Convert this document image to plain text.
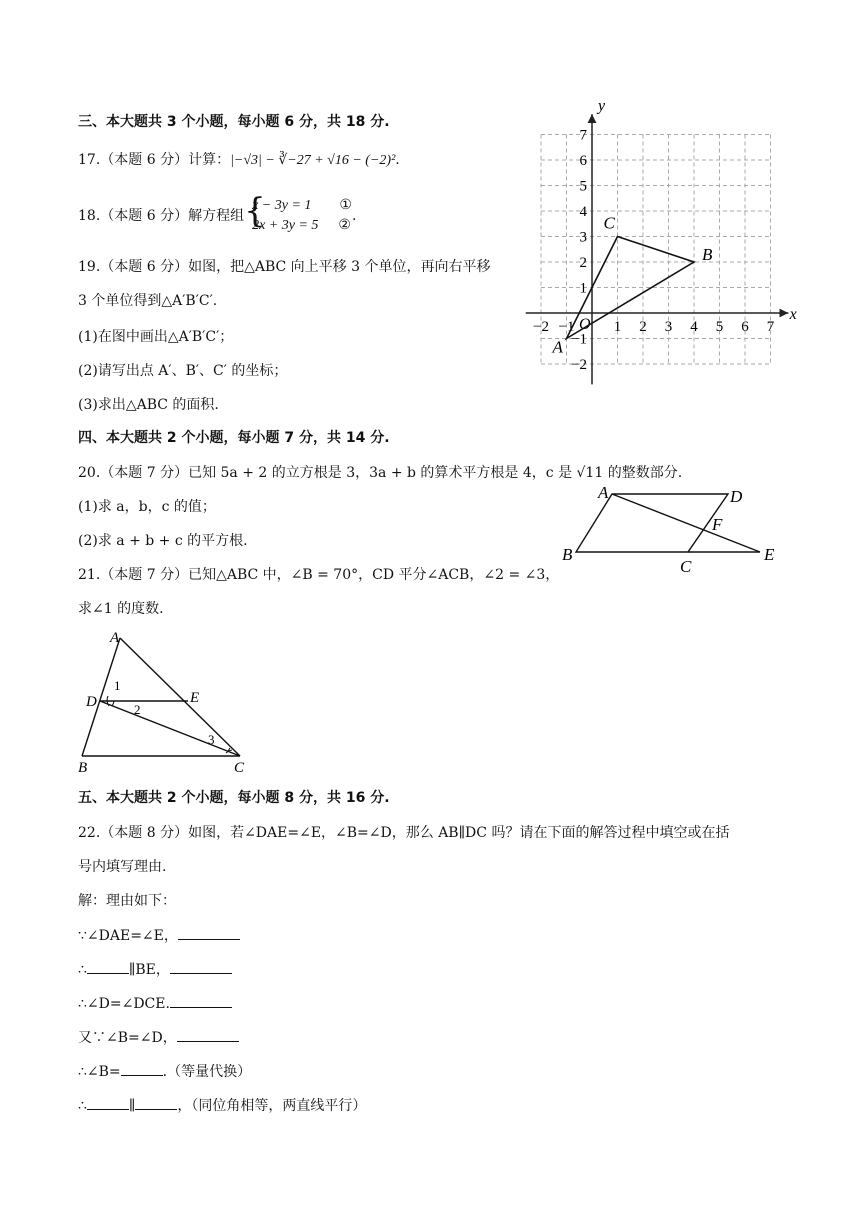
三、本大题共 3 个小题，每小题 6 分，共 18 分.
17.（本题 6 分）计算：|−√3| − ∛−27 + √16 − (−2)².
18.（本题 6 分）解方程组 {
x − 3y = 1 ①
2x + 3y = 5 ②
.
19.（本题 6 分）如图，把△ABC 向上平移 3 个单位，再向右平移
3 个单位得到△A′B′C′.
(1)在图中画出△A′B′C′；
(2)请写出点 A′、B′、C′ 的坐标；
(3)求出△ABC 的面积.
x
y
O
−2 −1	1 2 3 4 5 6 7
7
6
5
4
3
2
1
−1
−2
A
B
C
四、本大题共 2 个小题，每小题 7 分，共 14 分.
20.（本题 7 分）已知 5a + 2 的立方根是 3，3a + b 的算术平方根是 4，c 是 √11 的整数部分.
(1)求 a，b，c 的值；
(2)求 a + b + c 的平方根.
A	D
F
B
C
E
21.（本题 7 分）已知△ABC 中，∠B = 70°，CD 平分∠ACB，∠2 = ∠3，
求∠1 的度数.
A
D	E
B	C
1
2
3
五、本大题共 2 个小题，每小题 8 分，共 16 分.
22.（本题 8 分）如图，若∠DAE=∠E，∠B=∠D，那么 AB∥DC 吗？请在下面的解答过程中填空或在括
号内填写理由.
解：理由如下：
∵∠DAE=∠E，
∴	∥BE，
∴∠D=∠DCE.
又∵∠B=∠D，
∴∠B=	.（等量代换）
∴	∥	，（同位角相等，两直线平行）
